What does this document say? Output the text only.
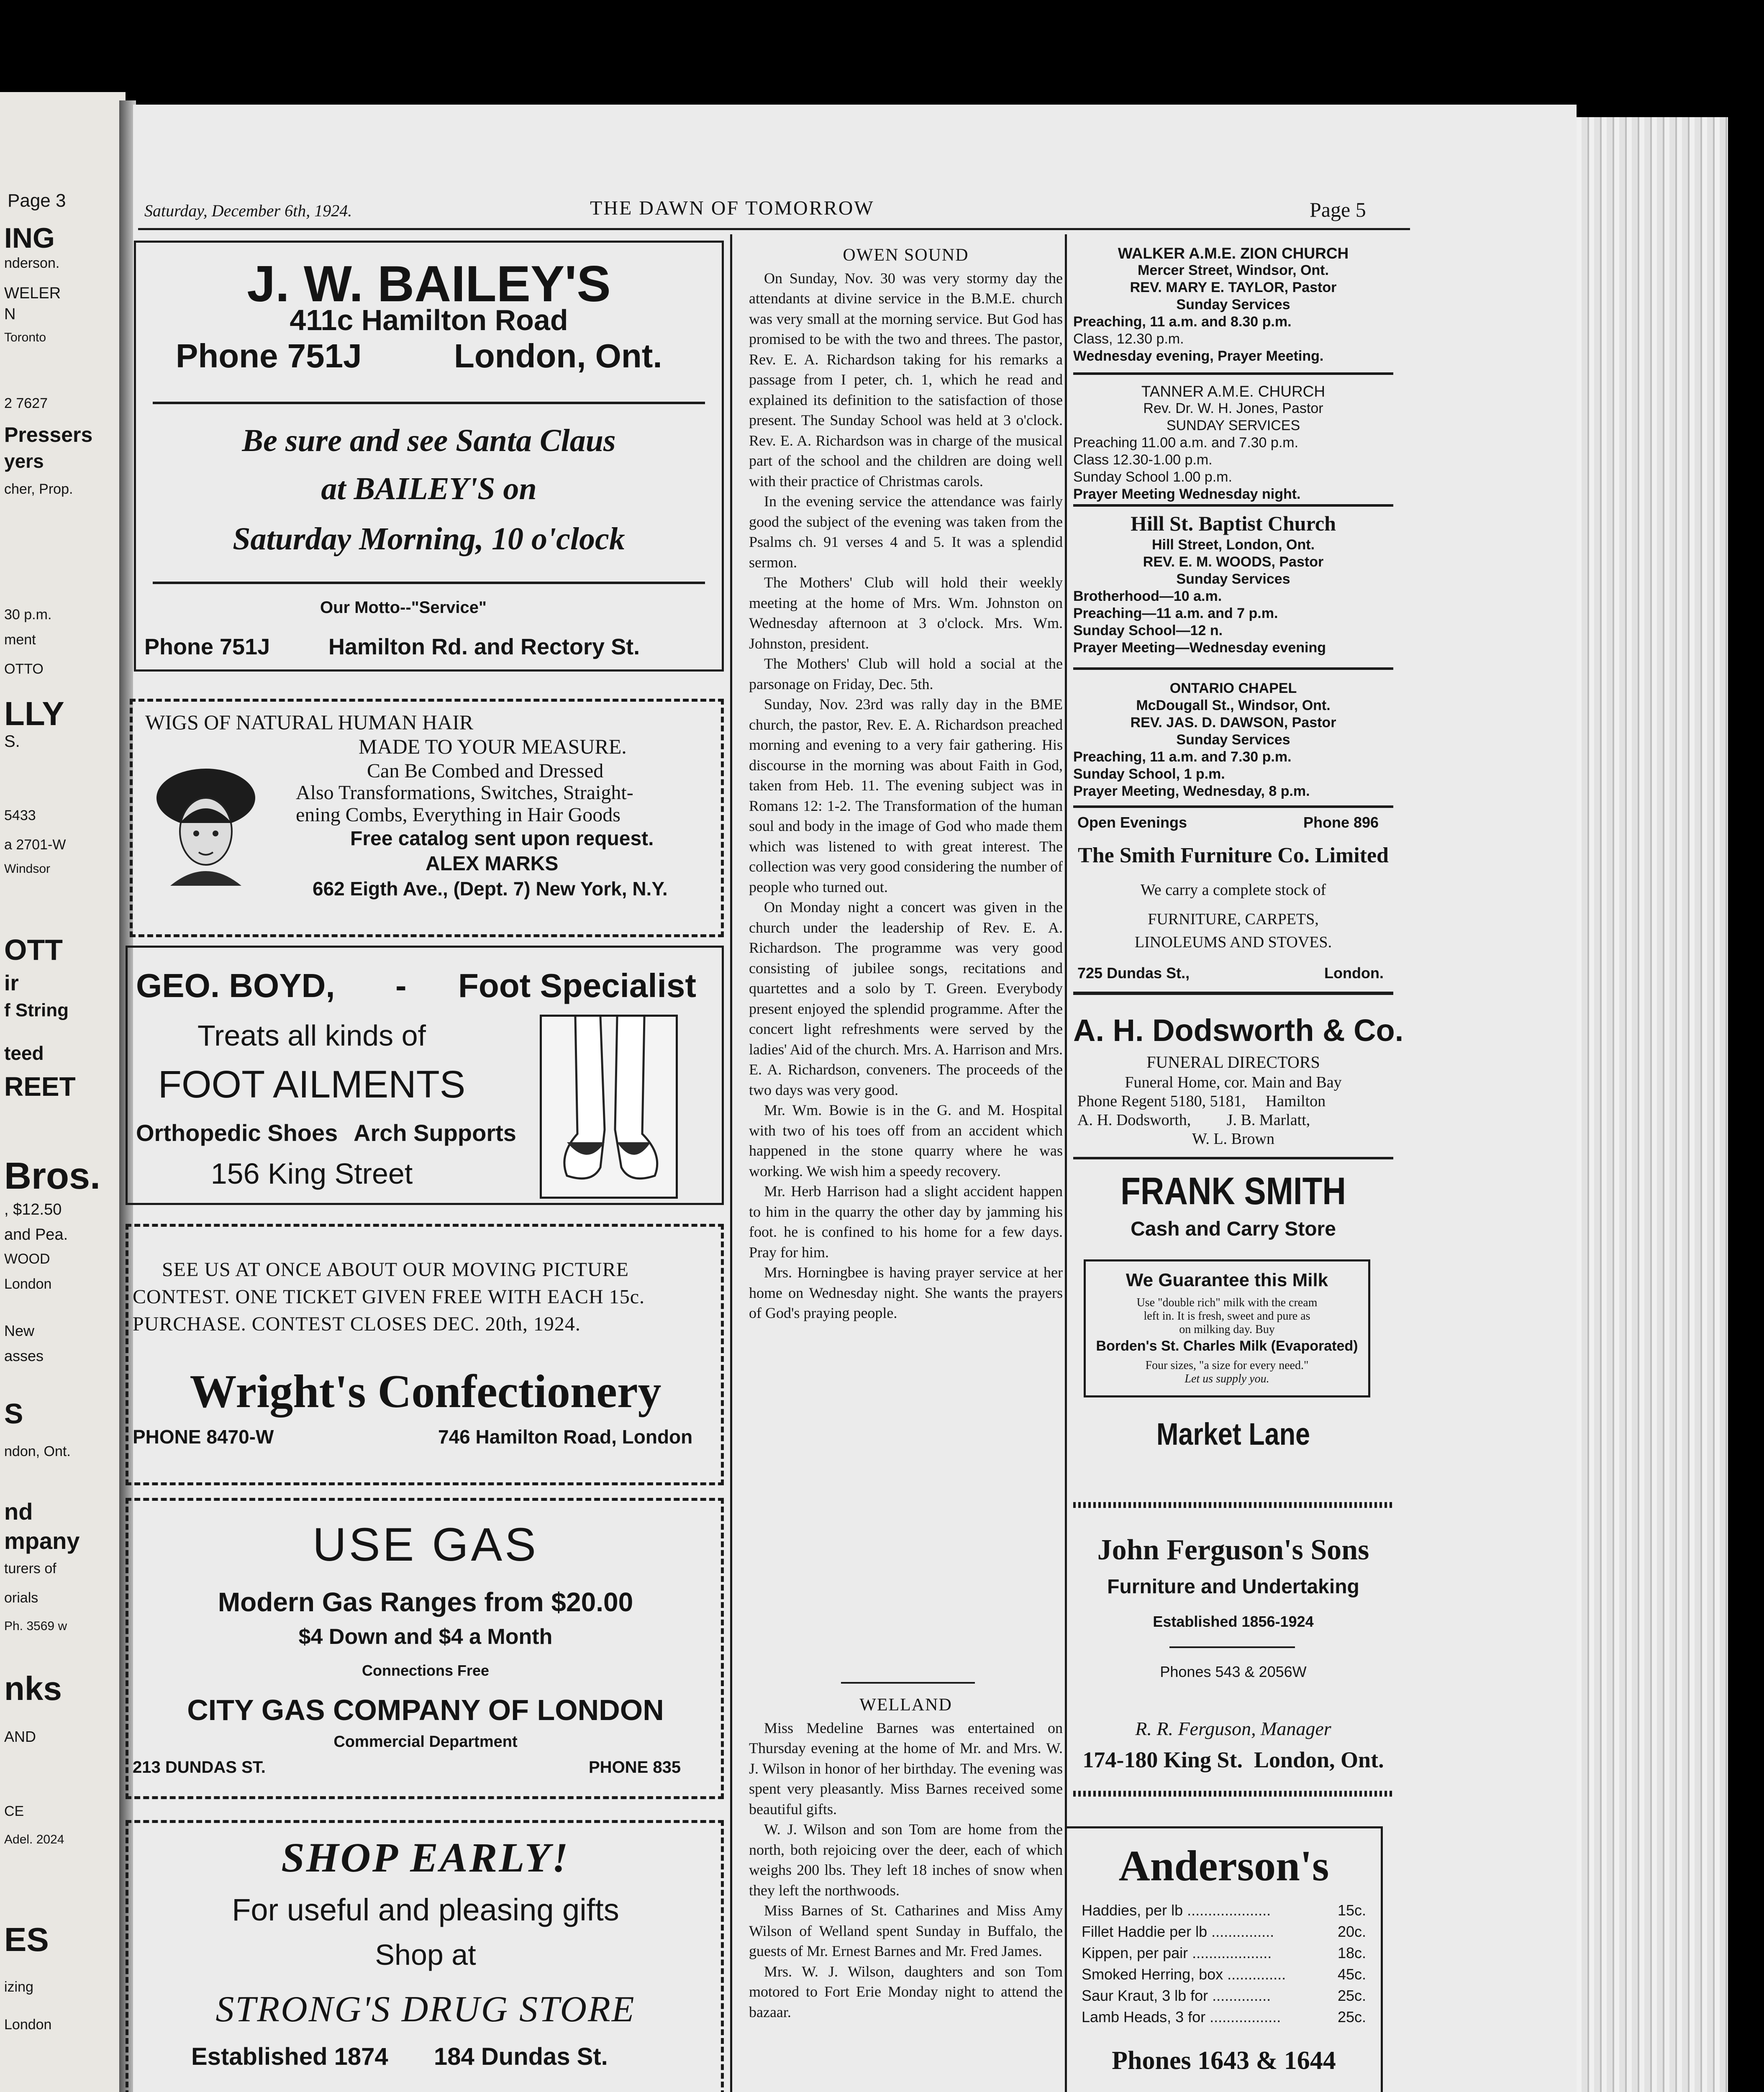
Page 3
ING
nderson.
WELER
N
Toronto
2 7627
Pressers
yers
cher, Prop.
30 p.m.
ment
OTTO
LLY
S.
5433
a 2701-W
Windsor
OTT
ir
f String
teed
REET
Bros.
, $12.50
and Pea.
WOOD
London
New
asses
S
ndon, Ont.
nd
mpany
turers of
orials
Ph. 3569 w
nks
AND
CE
Adel. 2024
ES
izing
London
Saturday, December 6th, 1924.	THE DAWN OF TOMORROW	Page 5
J. W. BAILEY'S
411c Hamilton Road
Phone 751J	London, Ont.
Be sure and see Santa Claus
at BAILEY'S on
Saturday Morning, 10 o'clock
Our Motto--"Service"
Phone 751J	Hamilton Rd. and Rectory St.
WIGS OF NATURAL HUMAN HAIR
MADE TO YOUR MEASURE.
Can Be Combed and Dressed
Also Transformations, Switches, Straight-
ening Combs, Everything in Hair Goods
Free catalog sent upon request.
ALEX MARKS
662 Eigth Ave., (Dept. 7) New York, N.Y.
GEO. BOYD, - Foot Specialist
Treats all kinds of
FOOT AILMENTS
Orthopedic Shoes Arch Supports
156 King Street
SEE US AT ONCE ABOUT OUR MOVING PICTURE
CONTEST. ONE TICKET GIVEN FREE WITH EACH 15c.
PURCHASE. CONTEST CLOSES DEC. 20th, 1924.
Wright's Confectionery
PHONE 8470-W	746 Hamilton Road, London
USE GAS
Modern Gas Ranges from $20.00
$4 Down and $4 a Month
Connections Free
CITY GAS COMPANY OF LONDON
Commercial Department
213 DUNDAS ST.	PHONE 835
SHOP EARLY!
For useful and pleasing gifts
Shop at
STRONG'S DRUG STORE
Established 1874 184 Dundas St.

OWEN SOUND

On Sunday, Nov. 30 was very stormy day the attendants at divine service in the B.M.E. church was very small at the morning service. But God has promised to be with the two and threes. The pastor, Rev. E. A. Richardson taking for his remarks a passage from I peter, ch. 1, which he read and explained its definition to the satisfaction of those present. The Sunday School was held at 3 o'clock. Rev. E. A. Richardson was in charge of the musical part of the school and the children are doing well with their practice of Christmas carols.

In the evening service the attendance was fairly good the subject of the evening was taken from the Psalms ch. 91 verses 4 and 5. It was a splendid sermon.

The Mothers' Club will hold their weekly meeting at the home of Mrs. Wm. Johnston on Wednesday afternoon at 3 o'clock. Mrs. Wm. Johnston, president.

The Mothers' Club will hold a social at the parsonage on Friday, Dec. 5th.

Sunday, Nov. 23rd was rally day in the BME church, the pastor, Rev. E. A. Richardson preached morning and evening to a very fair gathering. His discourse in the morning was about Faith in God, taken from Heb. 11. The evening subject was in Romans 12: 1-2. The Transformation of the human soul and body in the image of God who made them which was listened to with great interest. The collection was very good considering the number of people who turned out.

On Monday night a concert was given in the church under the leadership of Rev. E. A. Richardson. The programme was very good consisting of jubilee songs, recitations and quartettes and a solo by T. Green. Everybody present enjoyed the splendid programme. After the concert light refreshments were served by the ladies' Aid of the church. Mrs. A. Harrison and Mrs. E. A. Richardson, conveners. The proceeds of the two days was very good.

Mr. Wm. Bowie is in the G. and M. Hospital with two of his toes off from an accident which happened in the stone quarry where he was working. We wish him a speedy recovery.

Mr. Herb Harrison had a slight accident happen to him in the quarry the other day by jamming his foot. he is confined to his home for a few days. Pray for him.

Mrs. Horningbee is having prayer service at her home on Wednesday night. She wants the prayers of God's praying people.

WELLAND

Miss Medeline Barnes was entertained on Thursday evening at the home of Mr. and Mrs. W. J. Wilson in honor of her birthday. The evening was spent very pleasantly. Miss Barnes received some beautiful gifts.

W. J. Wilson and son Tom are home from the north, both rejoicing over the deer, each of which weighs 200 lbs. They left 18 inches of snow when they left the northwoods.

Miss Barnes of St. Catharines and Miss Amy Wilson of Welland spent Sunday in Buffalo, the guests of Mr. Ernest Barnes and Mr. Fred James.

Mrs. W. J. Wilson, daughters and son Tom motored to Fort Erie Monday night to attend the bazaar.

WALKER A.M.E. ZION CHURCH
Mercer Street, Windsor, Ont.
REV. MARY E. TAYLOR, Pastor
Sunday Services
Preaching, 11 a.m. and 8.30 p.m.
Class, 12.30 p.m.
Wednesday evening, Prayer Meeting.
TANNER A.M.E. CHURCH
Rev. Dr. W. H. Jones, Pastor
SUNDAY SERVICES
Preaching 11.00 a.m. and 7.30 p.m.
Class 12.30-1.00 p.m.
Sunday School 1.00 p.m.
Prayer Meeting Wednesday night.
Hill St. Baptist Church
Hill Street, London, Ont.
REV. E. M. WOODS, Pastor
Sunday Services
Brotherhood—10 a.m.
Preaching—11 a.m. and 7 p.m.
Sunday School—12 n.
Prayer Meeting—Wednesday evening
ONTARIO CHAPEL
McDougall St., Windsor, Ont.
REV. JAS. D. DAWSON, Pastor
Sunday Services
Preaching, 11 a.m. and 7.30 p.m.
Sunday School, 1 p.m.
Prayer Meeting, Wednesday, 8 p.m.
Open Evenings	Phone 896
The Smith Furniture Co. Limited
We carry a complete stock of
FURNITURE, CARPETS,
LINOLEUMS AND STOVES.
725 Dundas St.,	London.
A. H. Dodsworth & Co.
FUNERAL DIRECTORS
Funeral Home, cor. Main and Bay
Phone Regent 5180, 5181,     Hamilton
A. H. Dodsworth,         J. B. Marlatt,
W. L. Brown
FRANK SMITH
Cash and Carry Store
We Guarantee this Milk
Use "double rich" milk with the cream
left in. It is fresh, sweet and pure as
on milking day. Buy
Borden's St. Charles Milk (Evaporated)
Four sizes, "a size for every need."
Let us supply you.
Market Lane
John Ferguson's Sons
Furniture and Undertaking
Established 1856-1924
Phones 543 & 2056W
R. R. Ferguson, Manager
174-180 King St.  London, Ont.
Anderson's
Haddies, per lb ....................	15c.
Fillet Haddie per lb ...............	20c.
Kippen, per pair ...................	18c.
Smoked Herring, box ..............	45c.
Saur Kraut, 3 lb for ..............	25c.
Lamb Heads, 3 for .................	25c.
Phones 1643 & 1644
